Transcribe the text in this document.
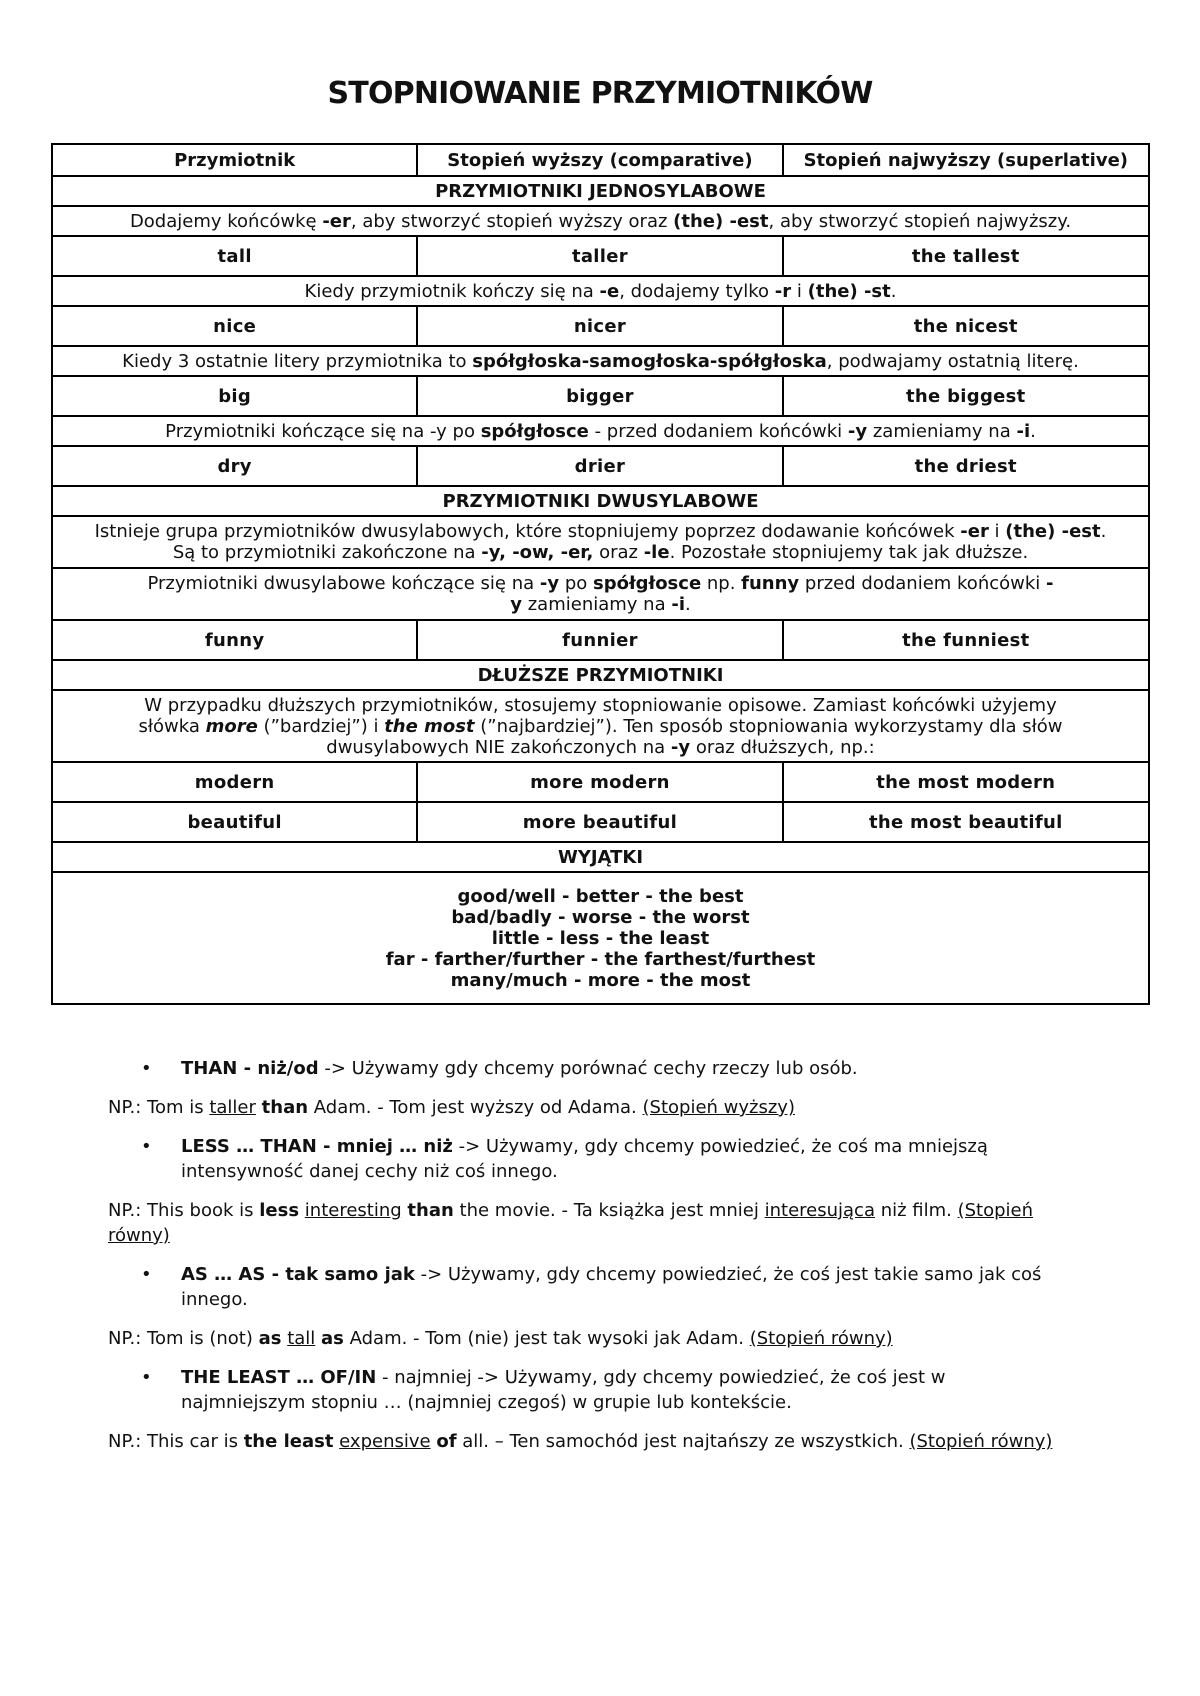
STOPNIOWANIE PRZYMIOTNIKÓW
Przymiotnik	Stopień wyższy (comparative)	Stopień najwyższy (superlative)
PRZYMIOTNIKI JEDNOSYLABOWE		
Dodajemy końcówkę -er, aby stworzyć stopień wyższy oraz (the) -est, aby stworzyć stopień najwyższy.		
tall	taller	the tallest
Kiedy przymiotnik kończy się na -e, dodajemy tylko -r i (the) -st.		
nice	nicer	the nicest
Kiedy 3 ostatnie litery przymiotnika to spółgłoska-samogłoska-spółgłoska, podwajamy ostatnią literę.		
big	bigger	the biggest
Przymiotniki kończące się na -y po spółgłosce - przed dodaniem końcówki -y zamieniamy na -i.		
dry	drier	the driest
PRZYMIOTNIKI DWUSYLABOWE		
Istnieje grupa przymiotników dwusylabowych, które stopniujemy poprzez dodawanie końcówek -er i (the) -est.
Są to przymiotniki zakończone na -y, -ow, -er, oraz -le. Pozostałe stopniujemy tak jak dłuższe.		
Przymiotniki dwusylabowe kończące się na -y po spółgłosce np. funny przed dodaniem końcówki -
y zamieniamy na -i.		
funny	funnier	the funniest
DŁUŻSZE PRZYMIOTNIKI		
W przypadku dłuższych przymiotników, stosujemy stopniowanie opisowe. Zamiast końcówki użyjemy
słówka more (”bardziej”) i the most (”najbardziej”). Ten sposób stopniowania wykorzystamy dla słów
dwusylabowych NIE zakończonych na -y oraz dłuższych, np.:		
modern	more modern	the most modern
beautiful	more beautiful	the most beautiful
WYJĄTKI		

good/well - better - the best
bad/badly - worse - the worst
little - less - the least
far - farther/further - the farthest/furthest
many/much - more - the most		
• THAN - niż/od -> Używamy gdy chcemy porównać cechy rzeczy lub osób.
NP.: Tom is taller than Adam. - Tom jest wyższy od Adama. (Stopień wyższy)
• LESS … THAN - mniej … niż -> Używamy, gdy chcemy powiedzieć, że coś ma mniejszą intensywność danej cechy niż coś innego.
NP.: This book is less interesting than the movie. - Ta książka jest mniej interesująca niż film. (Stopień równy)
• AS … AS - tak samo jak -> Używamy, gdy chcemy powiedzieć, że coś jest takie samo jak coś innego.
NP.: Tom is (not) as tall as Adam. - Tom (nie) jest tak wysoki jak Adam. (Stopień równy)
• THE LEAST … OF/IN - najmniej -> Używamy, gdy chcemy powiedzieć, że coś jest w najmniejszym stopniu … (najmniej czegoś) w grupie lub kontekście.
NP.: This car is the least expensive of all. – Ten samochód jest najtańszy ze wszystkich. (Stopień równy)
